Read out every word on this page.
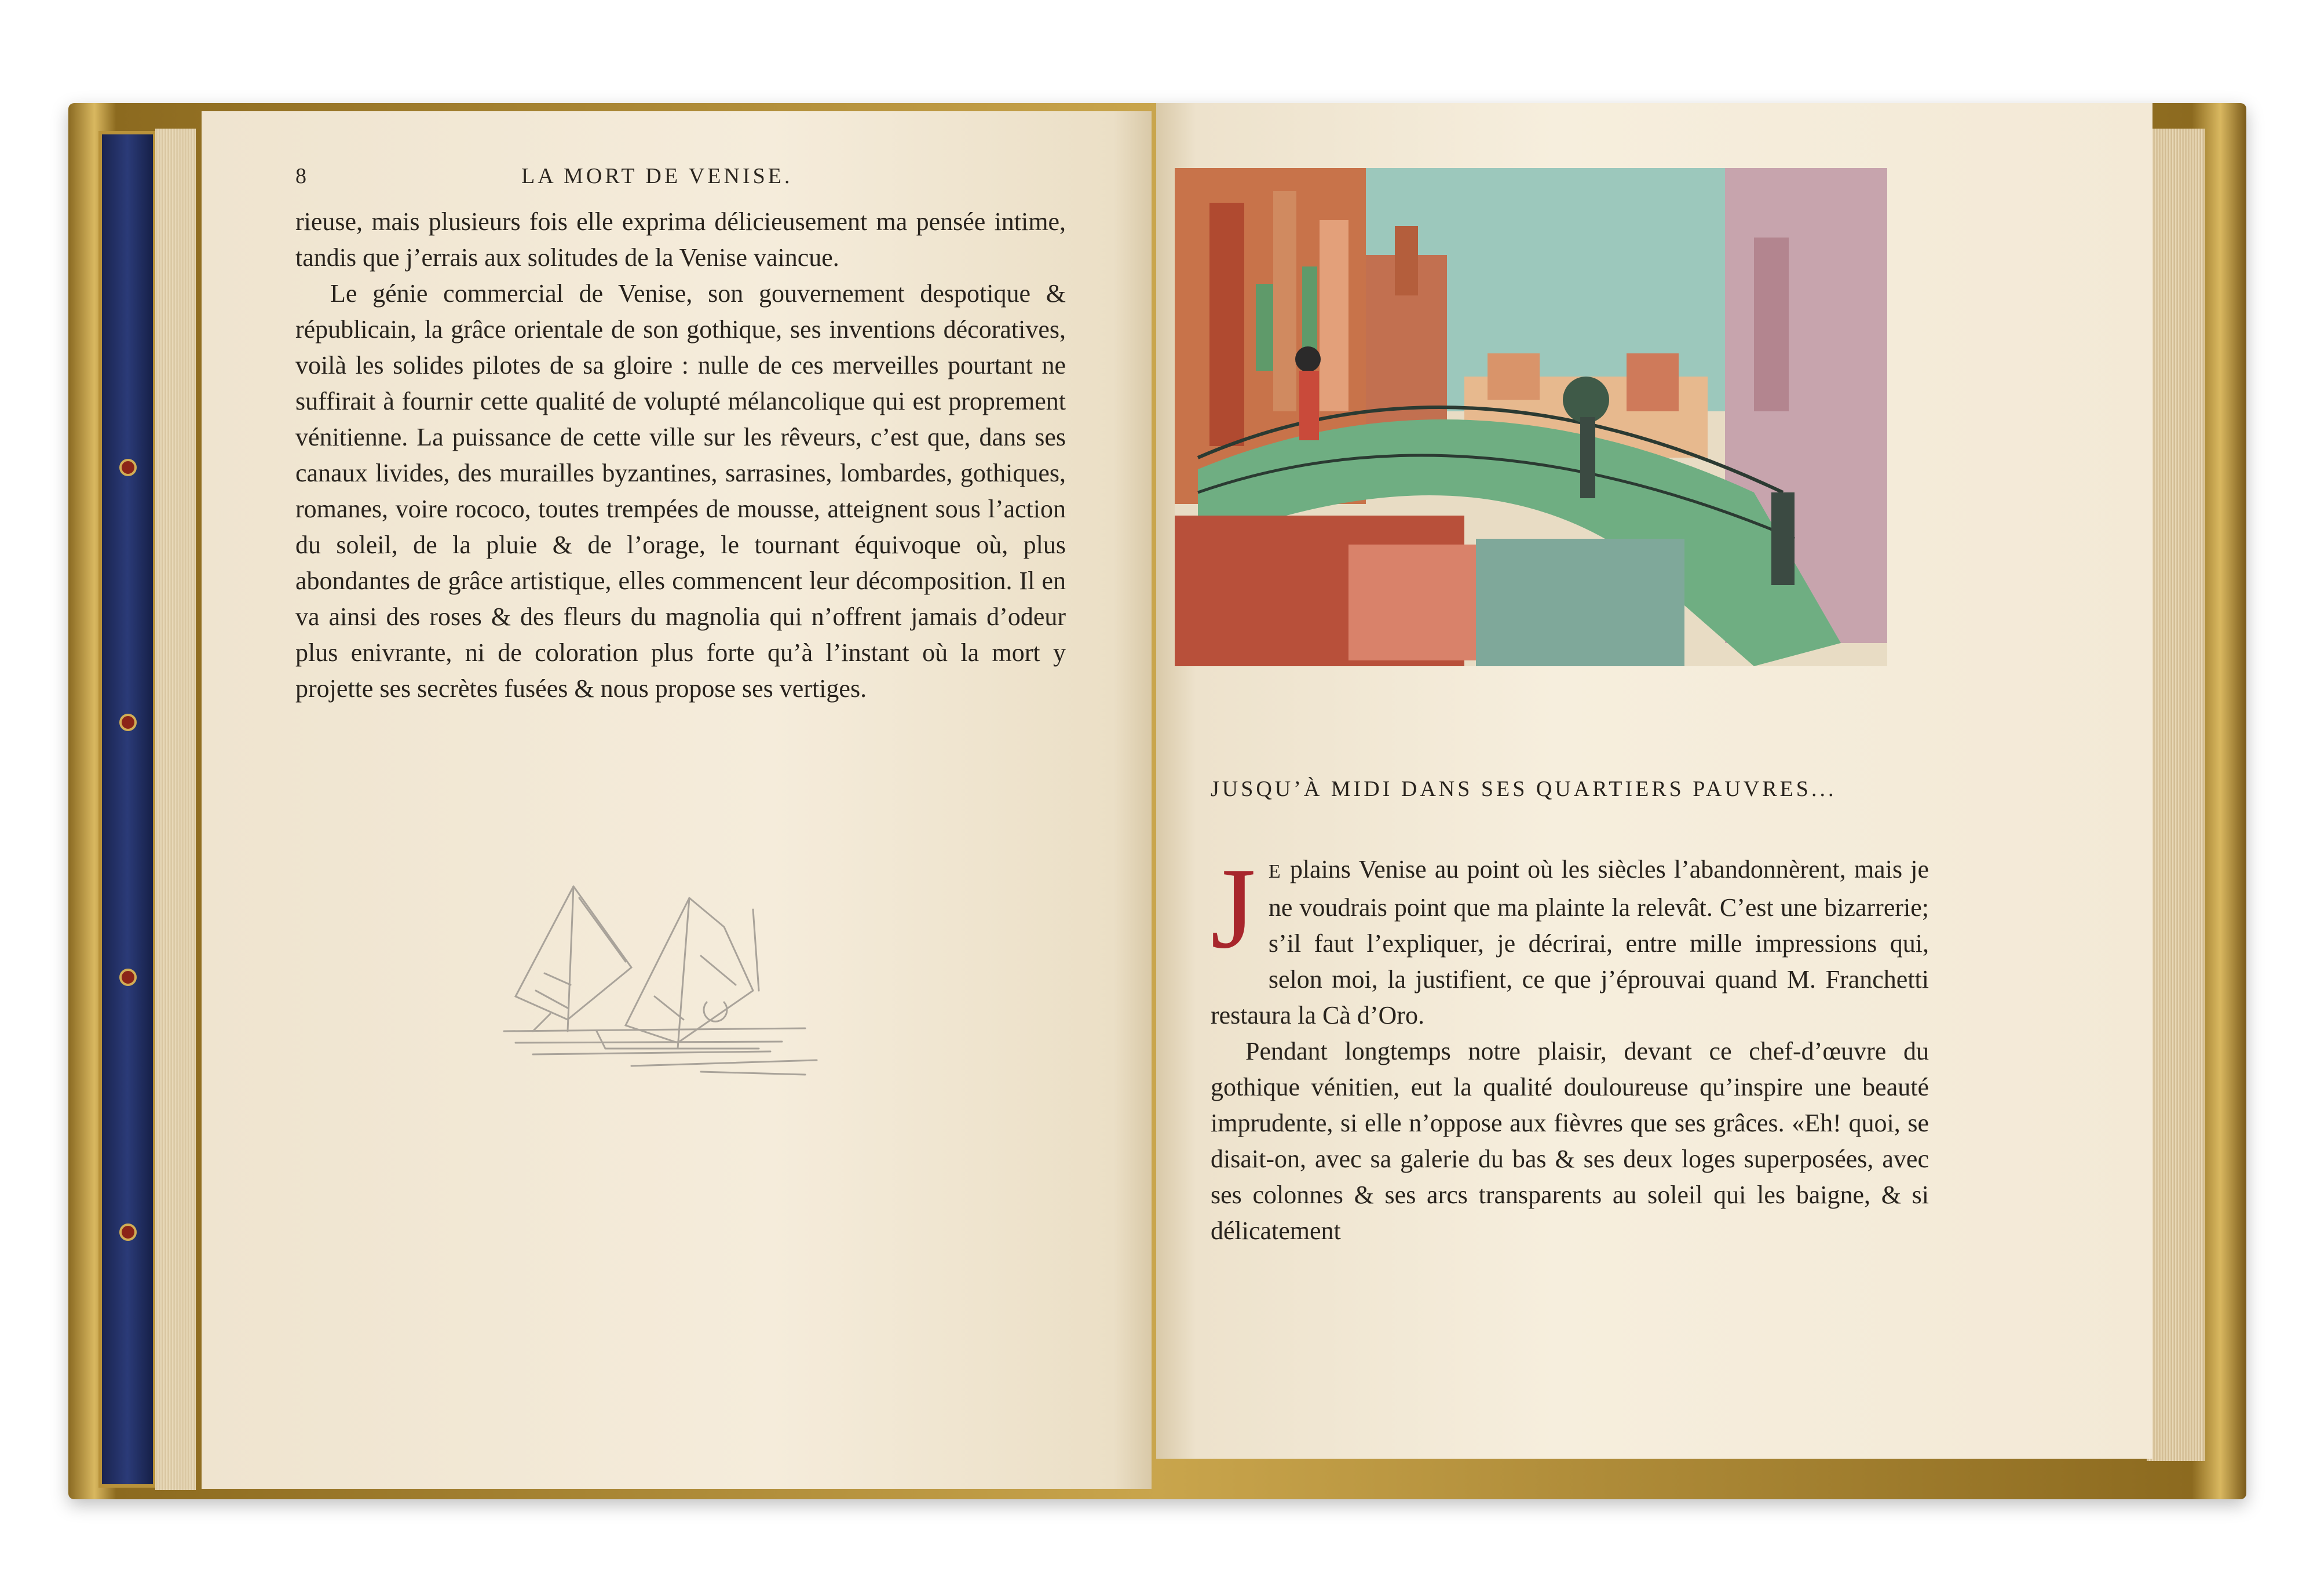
8	LA MORT DE VENISE.

rieuse, mais plusieurs fois elle exprima délicieusement ma pensée intime, tandis que j’errais aux solitudes de la Venise vaincue.

Le génie commercial de Venise, son gouvernement despotique & républicain, la grâce orientale de son gothique, ses inventions décoratives, voilà les solides pilotes de sa gloire : nulle de ces merveilles pourtant ne suffirait à fournir cette qualité de volupté mélancolique qui est proprement vénitienne. La puissance de cette ville sur les rêveurs, c’est que, dans ses canaux livides, des murailles byzantines, sarrasines, lombardes, gothiques, romanes, voire rococo, toutes trempées de mousse, atteignent sous l’action du soleil, de la pluie & de l’orage, le tournant équivoque où, plus abondantes de grâce artistique, elles commencent leur décomposition. Il en va ainsi des roses & des fleurs du magnolia qui n’offrent jamais d’odeur plus enivrante, ni de coloration plus forte qu’à l’instant où la mort y projette ses secrètes fusées & nous propose ses vertiges.

JUSQU’À MIDI DANS SES QUARTIERS PAUVRES...

J E plains Venise au point où les siècles l’abandonnèrent, mais je ne voudrais point que ma plainte la relevât. C’est une bizarrerie; s’il faut l’expliquer, je décrirai, entre mille impressions qui, selon moi, la justifient, ce que j’éprouvai quand M. Franchetti restaura la Cà d’Oro.

Pendant longtemps notre plaisir, devant ce chef-d’œuvre du gothique vénitien, eut la qualité douloureuse qu’inspire une beauté imprudente, si elle n’oppose aux fièvres que ses grâces. «Eh! quoi, se disait-on, avec sa galerie du bas & ses deux loges superposées, avec ses colonnes & ses arcs transparents au soleil qui les baigne, & si délicatement
